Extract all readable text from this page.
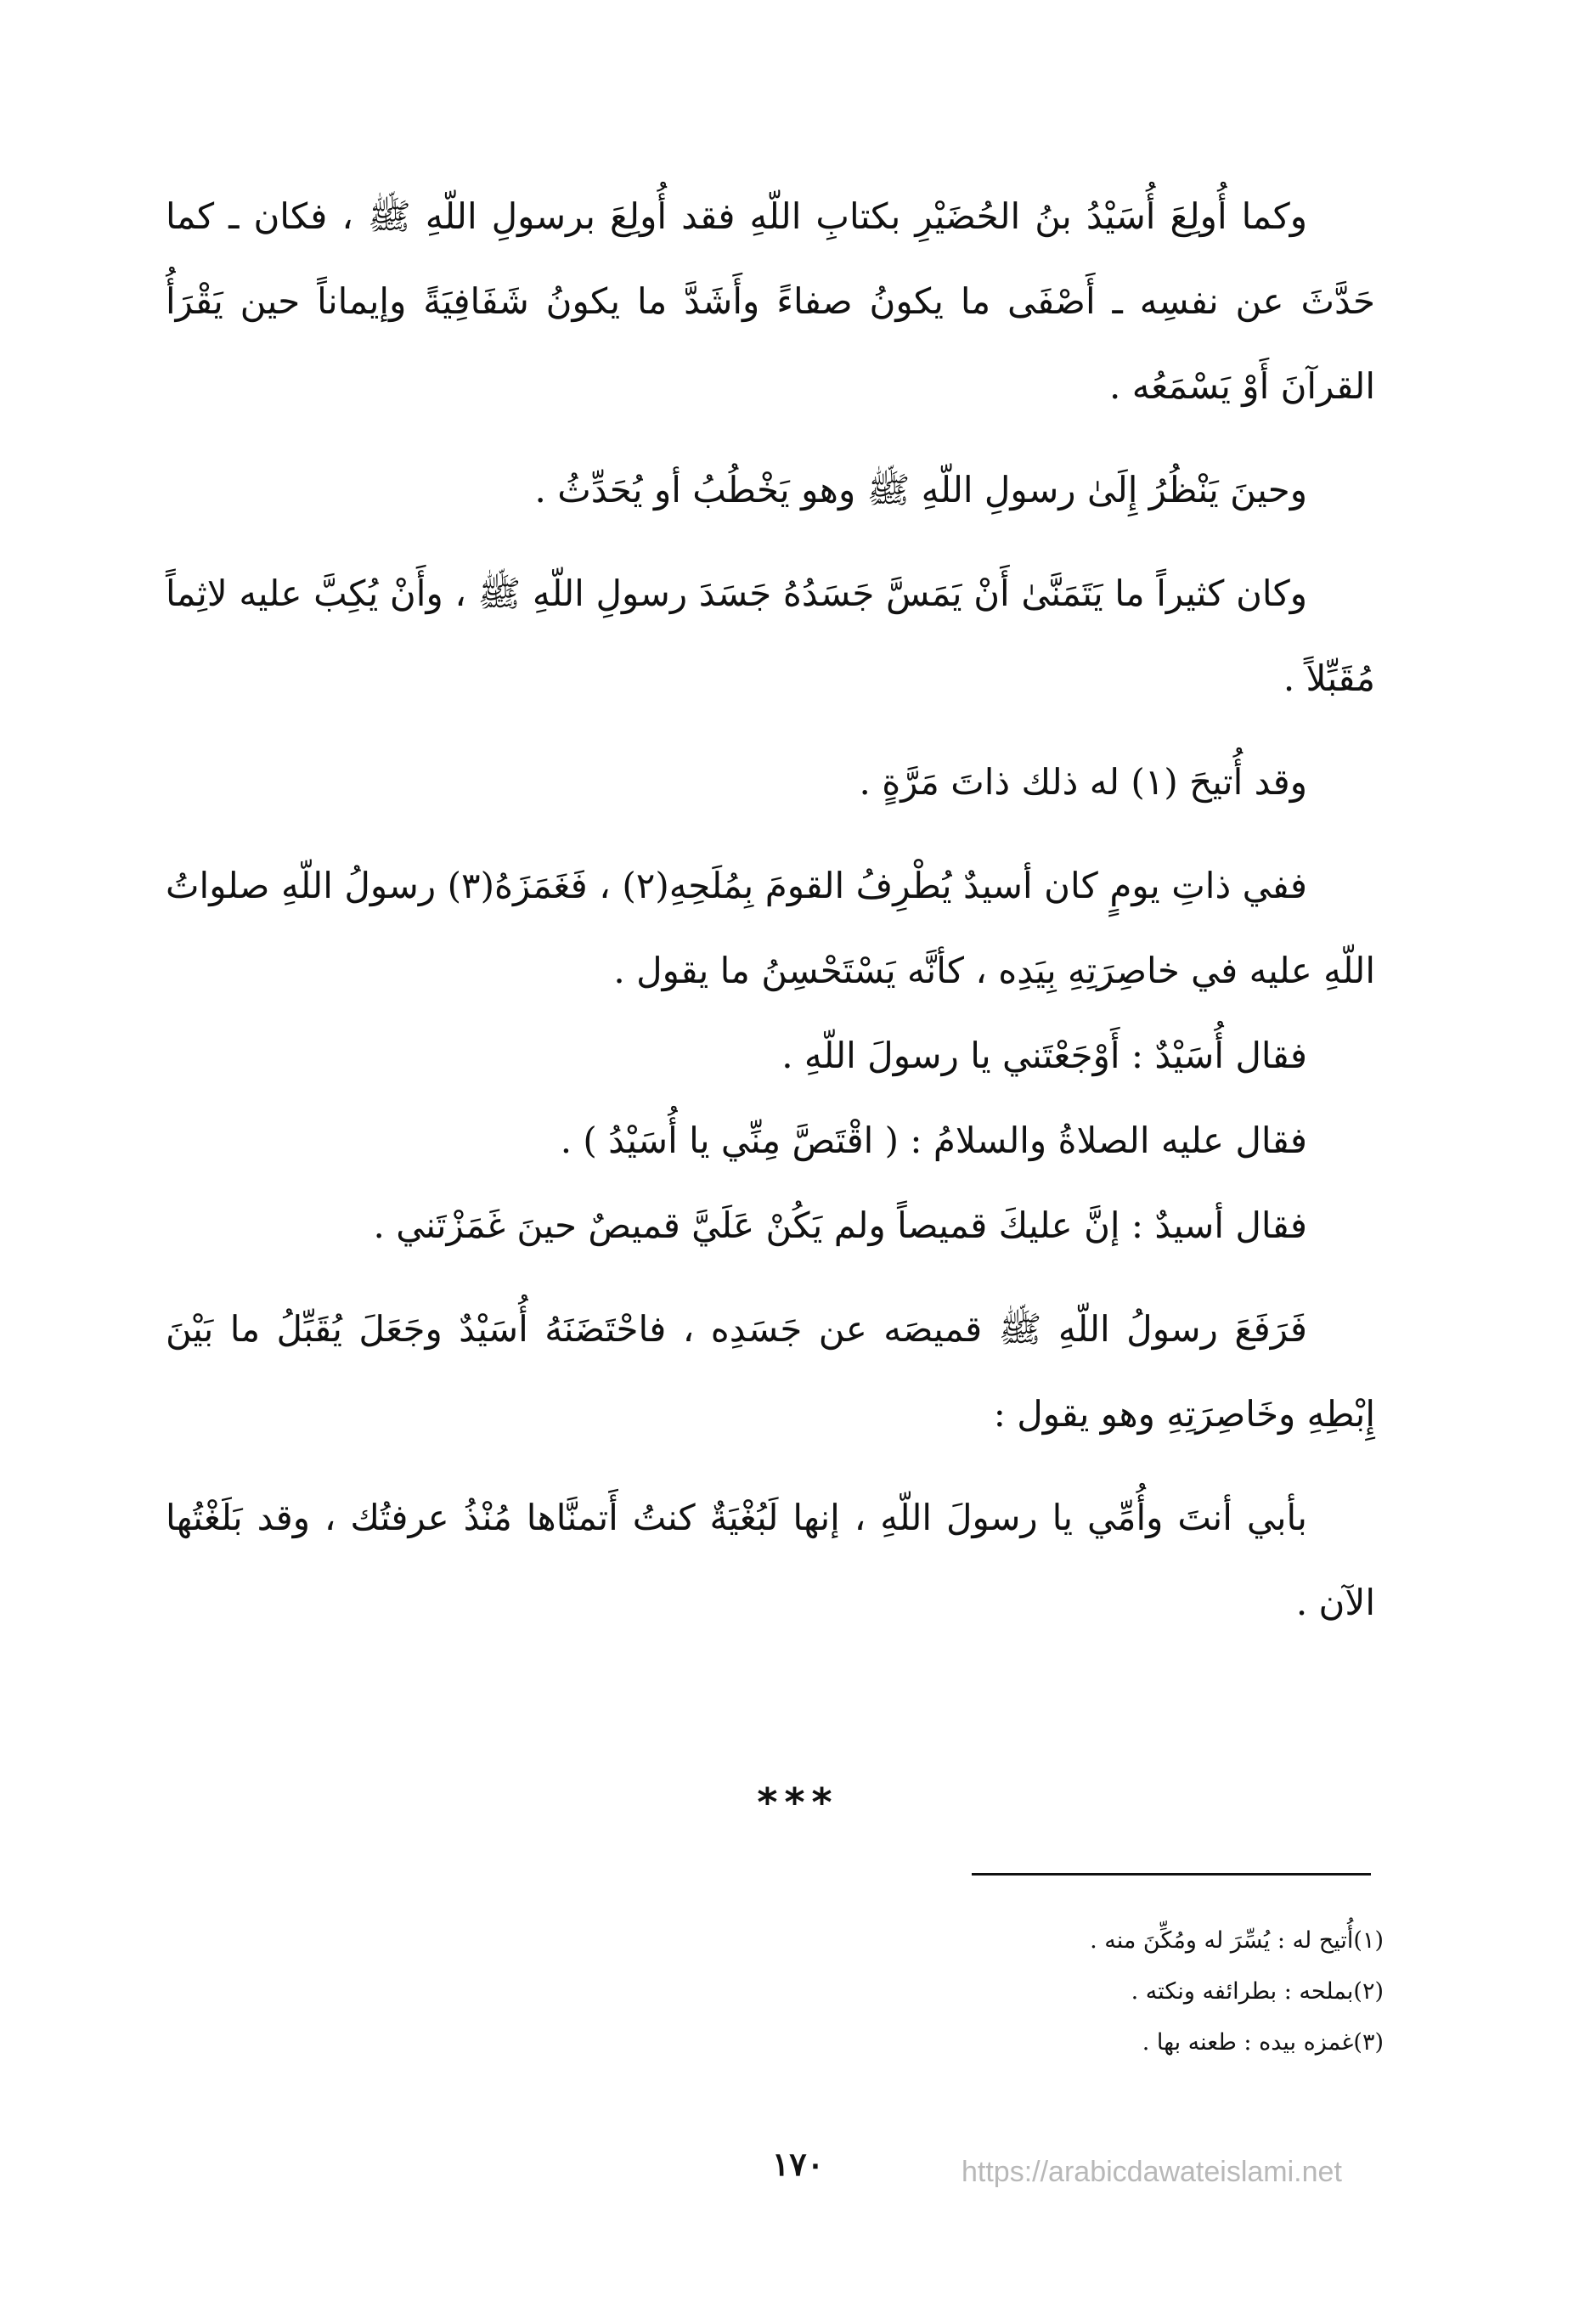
وكما أُولِعَ أُسَيْدُ بنُ الحُضَيْرِ بكتابِ اللّهِ فقد أُولِعَ برسولِ اللّهِ ﷺ ، فكان ـ كما حَدَّثَ عن نفسِه ـ أَصْفَى ما يكونُ صفاءً وأَشَدَّ ما يكونُ شَفَافِيَةً وإيماناً حين يَقْرَأُ القرآنَ أَوْ يَسْمَعُه .

وحينَ يَنْظُرُ إِلَىٰ رسولِ اللّهِ ﷺ وهو يَخْطُبُ أو يُحَدِّثُ .

وكان كثيراً ما يَتَمَنَّىٰ أَنْ يَمَسَّ جَسَدُهُ جَسَدَ رسولِ اللّهِ ﷺ ، وأَنْ يُكِبَّ عليه لاثِماً مُقَبِّلاً .

وقد أُتيحَ (١) له ذلك ذاتَ مَرَّةٍ .

ففي ذاتِ يومٍ كان أسيدٌ يُطْرِفُ القومَ بِمُلَحِهِ(٢) ، فَغَمَزَهُ(٣) رسولُ اللّهِ صلواتُ اللّهِ عليه في خاصِرَتِهِ بِيَدِه ، كأنَّه يَسْتَحْسِنُ ما يقول .

فقال أُسَيْدٌ : أَوْجَعْتَني يا رسولَ اللّهِ .

فقال عليه الصلاةُ والسلامُ : ( اقْتَصَّ مِنِّي يا أُسَيْدُ ) .

فقال أسيدٌ : إنَّ عليكَ قميصاً ولم يَكُنْ عَلَيَّ قميصٌ حينَ غَمَزْتَني .

فَرَفَعَ رسولُ اللّهِ ﷺ قميصَه عن جَسَدِه ، فاحْتَضَنَهُ أُسَيْدٌ وجَعَلَ يُقَبِّلُ ما بَيْنَ إِبْطِهِ وخَاصِرَتِهِ وهو يقول :

بأبي أنتَ وأُمِّي يا رسولَ اللّهِ ، إنها لَبُغْيَةٌ كنتُ أَتمنَّاها مُنْذُ عرفتُك ، وقد بَلَغْتُها الآن .

***
(١)أُتيح له : يُسِّرَ له ومُكِّنَ منه .
(٢)بملحه : بطرائفه ونكته .
(٣)غمزه بيده : طعنه بها .
١٧٠	https://arabicdawateislami.net
